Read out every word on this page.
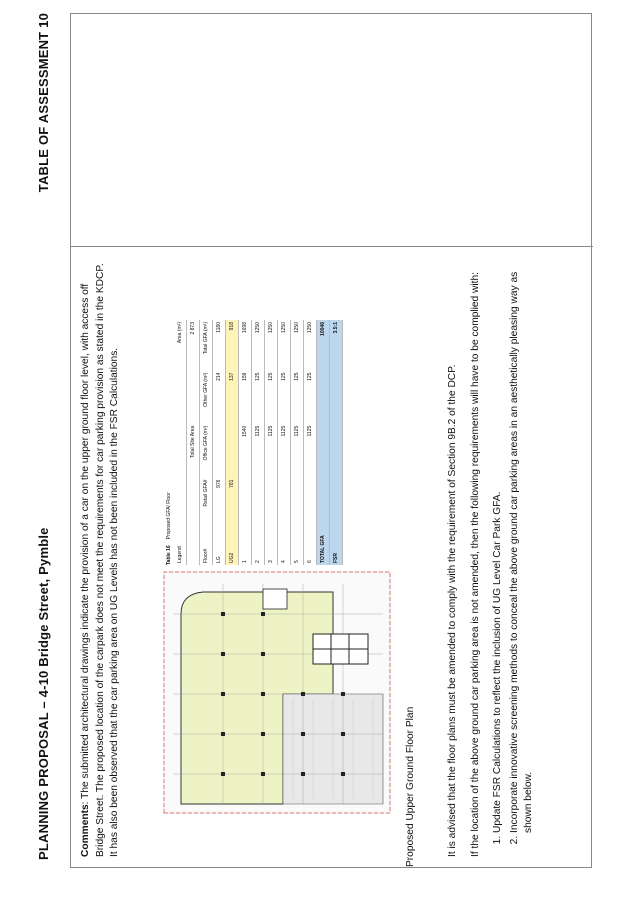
PLANNING PROPOSAL – 4-10 Bridge Street, Pymble
TABLE OF ASSESSMENT 10

Comments: The submitted architectural drawings indicate the provision of a car on the upper ground floor level, with access off Bridge Street. The proposed location of the carpark does not meet the requirements for car parking provision as stated in the KDCP. It has also been observed that the car parking area on UG Levels has not been included in the FSR Calculations.	Table 16Proposed GFA/ Floor
Legend				Area (m²)
	Total Site Area			2 873
Floor#	Retail GFA#	Office GFA (m²)	Other GFA (m²)	Total GFA (m²)
LG	976		214	1180
UG2	781		137	918
1		1540	159	1698
2		1125	125	1250
3		1125	125	1250
4		1125	125	1250
5		1125	125	1250
6		1125	125	1250
TOTAL GFA				10046
FSR				3.5:1
Proposed Upper Ground Floor Plan	It is advised that the floor plans must be amended to comply with the requirement of Section 9B.2 of the DCP. If the location of the above ground car parking area is not amended, then the following requirements will have to be complied with: 1. Update FSR Calculations to reflect the inclusion of UG Level Car Park GFA. 2. Incorporate innovative screening methods to conceal the above ground car parking areas in an aesthetically pleasing way as shown below.
